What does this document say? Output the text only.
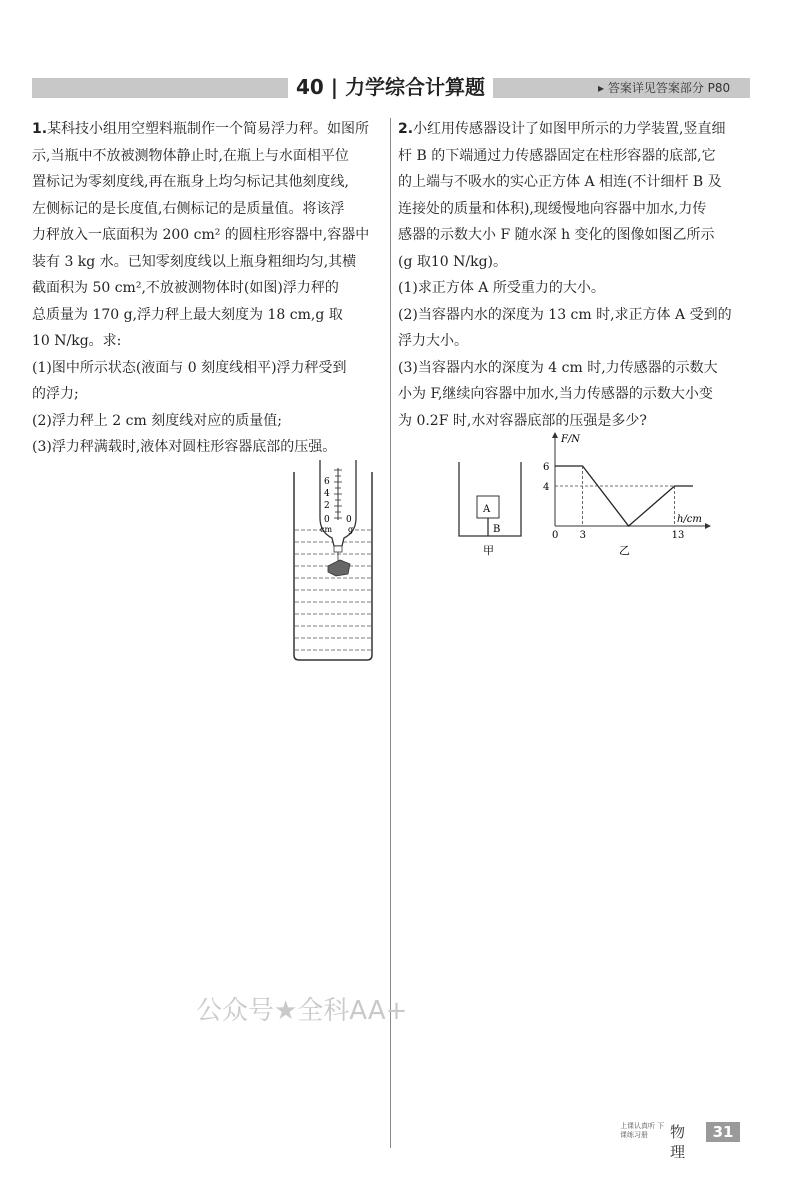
40 | 力学综合计算题	▸ 答案详见答案部分 P80
1.某科技小组用空塑料瓶制作一个简易浮力秤。如图所

示,当瓶中不放被测物体静止时,在瓶上与水面相平位

置标记为零刻度线,再在瓶身上均匀标记其他刻度线,

左侧标记的是长度值,右侧标记的是质量值。将该浮

力秤放入一底面积为 200 cm² 的圆柱形容器中,容器中

装有 3 kg 水。已知零刻度线以上瓶身粗细均匀,其横

截面积为 50 cm²,不放被测物体时(如图)浮力秤的

总质量为 170 g,浮力秤上最大刻度为 18 cm,g 取

10 N/kg。求:

(1)图中所示状态(液面与 0 刻度线相平)浮力秤受到

的浮力;

(2)浮力秤上 2 cm 刻度线对应的质量值;

(3)浮力秤满载时,液体对圆柱形容器底部的压强。

6
4
2
0 0
cm g
2.小红用传感器设计了如图甲所示的力学装置,竖直细

杆 B 的下端通过力传感器固定在柱形容器的底部,它

的上端与不吸水的实心正方体 A 相连(不计细杆 B 及

连接处的质量和体积),现缓慢地向容器中加水,力传

感器的示数大小 F 随水深 h 变化的图像如图乙所示

(g 取10 N/kg)。

(1)求正方体 A 所受重力的大小。

(2)当容器内水的深度为 13 cm 时,求正方体 A 受到的

浮力大小。

(3)当容器内水的深度为 4 cm 时,力传感器的示数大

小为 F,继续向容器中加水,当力传感器的示数大小变

为 0.2F 时,水对容器底部的压强是多少?

A
B
甲
F/N
h/cm
0 3	13
6
4
乙
公众号★全科AA+
上课认真听 下课练习册	物理
31
